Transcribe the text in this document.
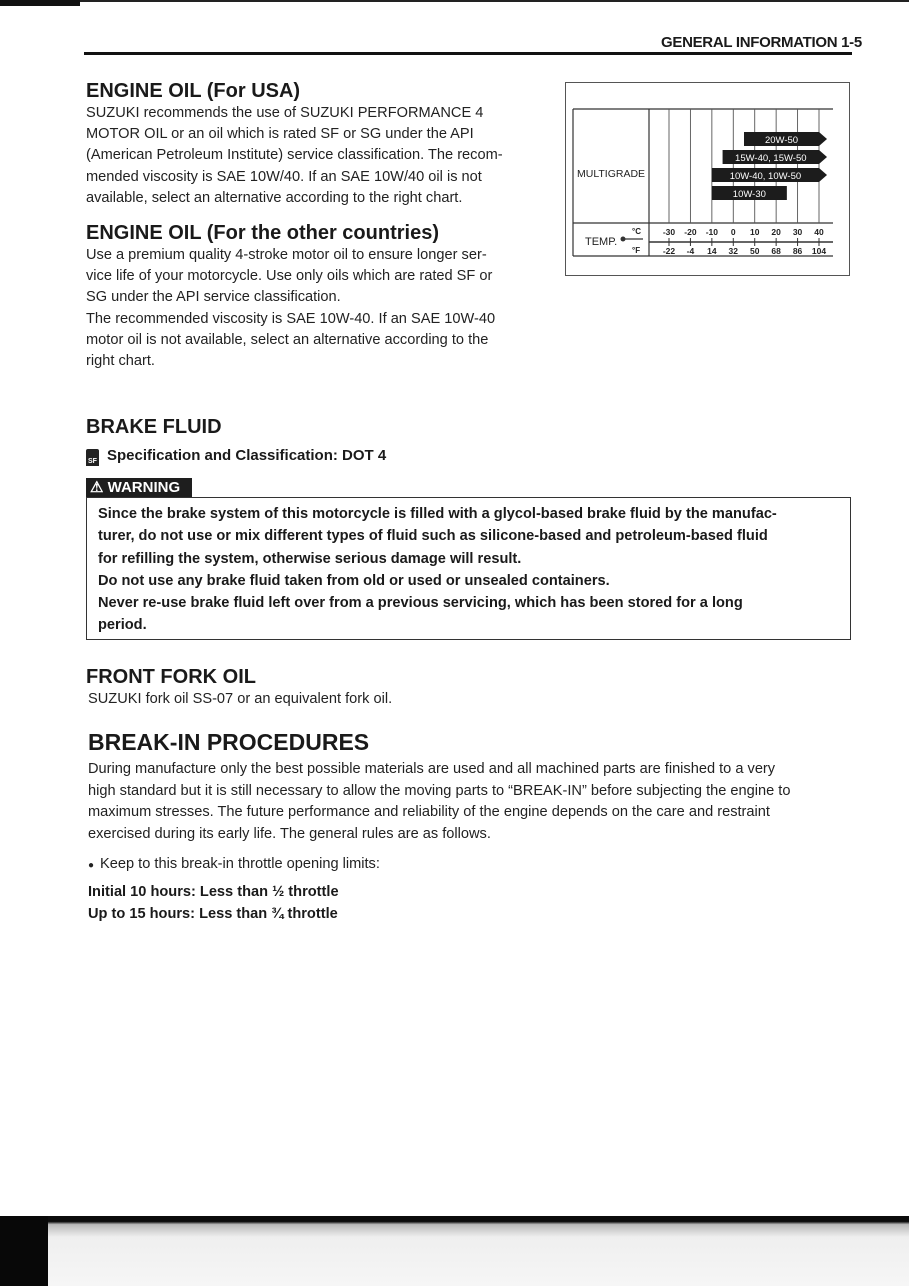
GENERAL INFORMATION 1-5
ENGINE OIL (For USA)
SUZUKI recommends the use of SUZUKI PERFORMANCE 4
MOTOR OIL or an oil which is rated SF or SG under the API
(American Petroleum Institute) service classification. The recom-
mended viscosity is SAE 10W/40. If an SAE 10W/40 oil is not
available, select an alternative according to the right chart.
ENGINE OIL (For the other countries)
Use a premium quality 4-stroke motor oil to ensure longer ser-
vice life of your motorcycle. Use only oils which are rated SF or
SG under the API service classification.
The recommended viscosity is SAE 10W-40. If an SAE 10W-40
motor oil is not available, select an alternative according to the
right chart.
20W-50
15W-40, 15W-50
10W-40, 10W-50
10W-30
-30
-22
-20
-4
-10
14
0
32
10
50
20
68
30
86
40
104
MULTIGRADE
TEMP.
°C
°F
BRAKE FLUID
SF Specification and Classification: DOT 4
⚠ WARNING
Since the brake system of this motorcycle is filled with a glycol-based brake fluid by the manufac-
turer, do not use or mix different types of fluid such as silicone-based and petroleum-based fluid
for refilling the system, otherwise serious damage will result.
Do not use any brake fluid taken from old or used or unsealed containers.
Never re-use brake fluid left over from a previous servicing, which has been stored for a long
period.
FRONT FORK OIL
SUZUKI fork oil SS-07 or an equivalent fork oil.
BREAK-IN PROCEDURES
During manufacture only the best possible materials are used and all machined parts are finished to a very
high standard but it is still necessary to allow the moving parts to “BREAK-IN” before subjecting the engine to
maximum stresses. The future performance and reliability of the engine depends on the care and restraint
exercised during its early life. The general rules are as follows.
● Keep to this break-in throttle opening limits:
Initial 10 hours: Less than ½ throttle
Up to 15 hours: Less than ¾ throttle
